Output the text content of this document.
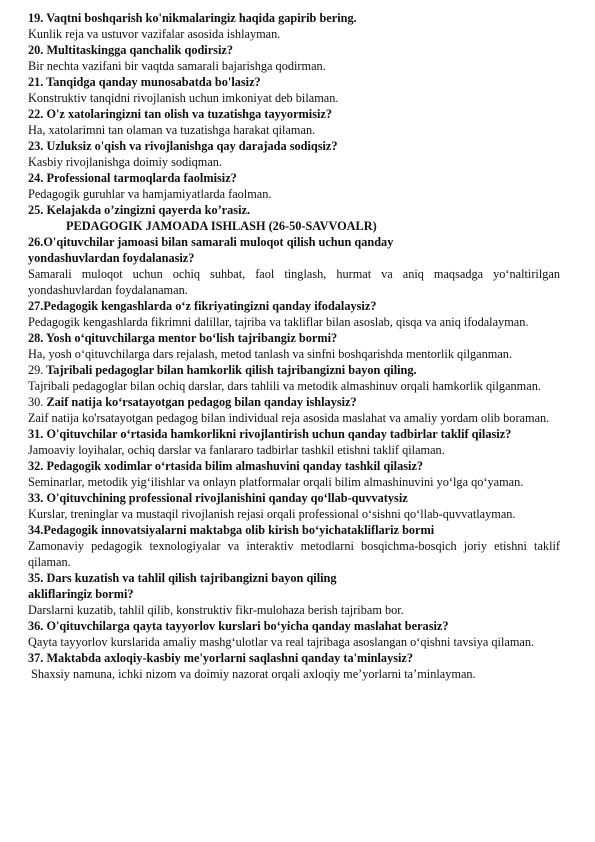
19. Vaqtni boshqarish ko'nikmalaringiz haqida gapirib bering.
Kunlik reja va ustuvor vazifalar asosida ishlayman.
20. Multitaskingga qanchalik qodirsiz?
Bir nechta vazifani bir vaqtda samarali bajarishga qodirman.
21. Tanqidga qanday munosabatda bo'lasiz?
Konstruktiv tanqidni rivojlanish uchun imkoniyat deb bilaman.
22. O'z xatolaringizni tan olish va tuzatishga tayyormisiz?
Ha, xatolarimni tan olaman va tuzatishga harakat qilaman.
23. Uzluksiz o'qish va rivojlanishga qay darajada sodiqsiz?
Kasbiy rivojlanishga doimiy sodiqman.
24. Professional tarmoqlarda faolmisiz?
Pedagogik guruhlar va hamjamiyatlarda faolman.
25. Kelajakda o’zingizni qayerda ko’rasiz.
PEDAGOGIK JAMOADA ISHLASH (26-50-SAVVOALR)
26.O'qituvchilar jamoasi bilan samarali muloqot qilish uchun qanday
yondashuvlardan foydalanasiz?
Samarali muloqot uchun ochiq suhbat, faol tinglash, hurmat va aniq maqsadga yo‘naltirilgan yondashuvlardan foydalanaman.
27.Pedagogik kengashlarda o‘z fikriyatingizni qanday ifodalaysiz?
Pedagogik kengashlarda fikrimni dalillar, tajriba va takliflar bilan asoslab, qisqa va aniq ifodalayman.
28. Yosh o‘qituvchilarga mentor bo‘lish tajribangiz bormi?
Ha, yosh o‘qituvchilarga dars rejalash, metod tanlash va sinfni boshqarishda mentorlik qilganman.
29. Tajribali pedagoglar bilan hamkorlik qilish tajribangizni bayon qiling.
Tajribali pedagoglar bilan ochiq darslar, dars tahlili va metodik almashinuv orqali hamkorlik qilganman.
30. Zaif natija ko‘rsatayotgan pedagog bilan qanday ishlaysiz?
Zaif natija ko'rsatayotgan pedagog bilan individual reja asosida maslahat va amaliy yordam olib boraman.
31. O'qituvchilar o‘rtasida hamkorlikni rivojlantirish uchun qanday tadbirlar taklif qilasiz?
Jamoaviy loyihalar, ochiq darslar va fanlararo tadbirlar tashkil etishni taklif qilaman.
32. Pedagogik xodimlar o‘rtasida bilim almashuvini qanday tashkil qilasiz?
Seminarlar, metodik yig‘ilishlar va onlayn platformalar orqali bilim almashinuvini yo‘lga qo‘yaman.
33. O'qituvchining professional rivojlanishini qanday qo‘llab-quvvatysiz
Kurslar, treninglar va mustaqil rivojlanish rejasi orqali professional o‘sishni qo‘llab-quvvatlayman.
34.Pedagogik innovatsiyalarni maktabga olib kirish bo‘yichatakliflariz bormi
Zamonaviy pedagogik texnologiyalar va interaktiv metodlarni bosqichma-bosqich joriy etishni taklif qilaman.
35. Dars kuzatish va tahlil qilish tajribangizni bayon qiling
akliflaringiz bormi?
Darslarni kuzatib, tahlil qilib, konstruktiv fikr-mulohaza berish tajribam bor.
36. O'qituvchilarga qayta tayyorlov kurslari bo‘yicha qanday maslahat berasiz?
Qayta tayyorlov kurslarida amaliy mashg‘ulotlar va real tajribaga asoslangan o‘qishni tavsiya qilaman.
37. Maktabda axloqiy-kasbiy me'yorlarni saqlashni qanday ta'minlaysiz?
Shaxsiy namuna, ichki nizom va doimiy nazorat orqali axloqiy me’yorlarni ta’minlayman.
